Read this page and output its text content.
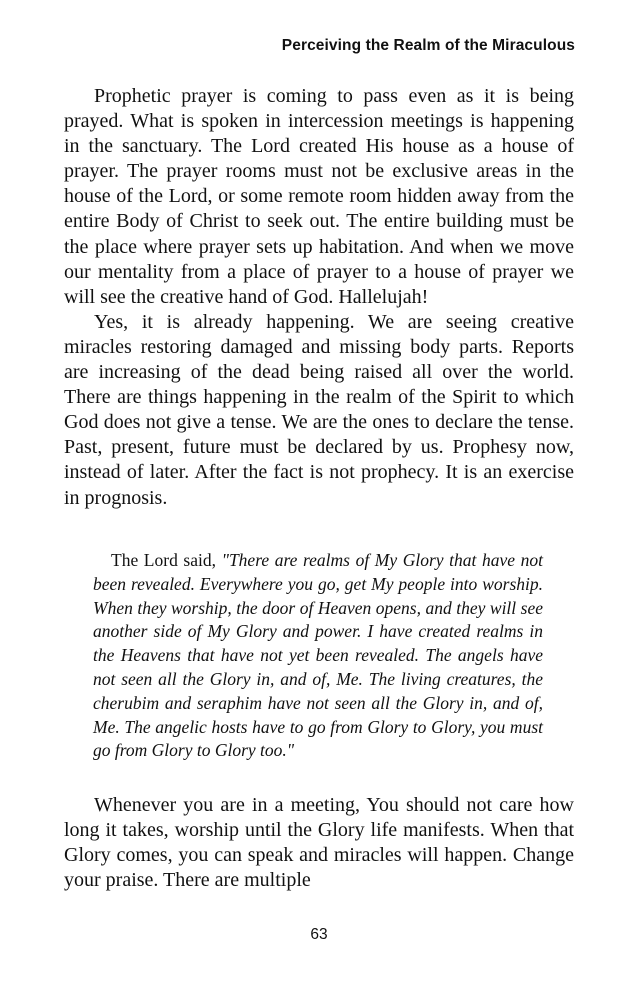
Perceiving the Realm of the Miraculous

Prophetic prayer is coming to pass even as it is being prayed. What is spoken in intercession meetings is happening in the sanctuary. The Lord created His house as a house of prayer. The prayer rooms must not be exclusive areas in the house of the Lord, or some remote room hidden away from the entire Body of Christ to seek out. The entire building must be the place where prayer sets up habitation. And when we move our mentality from a place of prayer to a house of prayer we will see the creative hand of God. Hallelujah!

Yes, it is already happening. We are seeing creative miracles restoring damaged and missing body parts. Reports are increasing of the dead being raised all over the world. There are things happening in the realm of the Spirit to which God does not give a tense. We are the ones to declare the tense. Past, present, future must be declared by us. Prophesy now, instead of later. After the fact is not prophecy. It is an exercise in prognosis.

The Lord said, "There are realms of My Glory that have not been revealed. Everywhere you go, get My people into worship. When they worship, the door of Heaven opens, and they will see another side of My Glory and power. I have created realms in the Heavens that have not yet been revealed. The angels have not seen all the Glory in, and of, Me. The living creatures, the cherubim and seraphim have not seen all the Glory in, and of, Me. The angelic hosts have to go from Glory to Glory, you must go from Glory to Glory too."

Whenever you are in a meeting, You should not care how long it takes, worship until the Glory life manifests. When that Glory comes, you can speak and miracles will happen. Change your praise. There are multiple

63
